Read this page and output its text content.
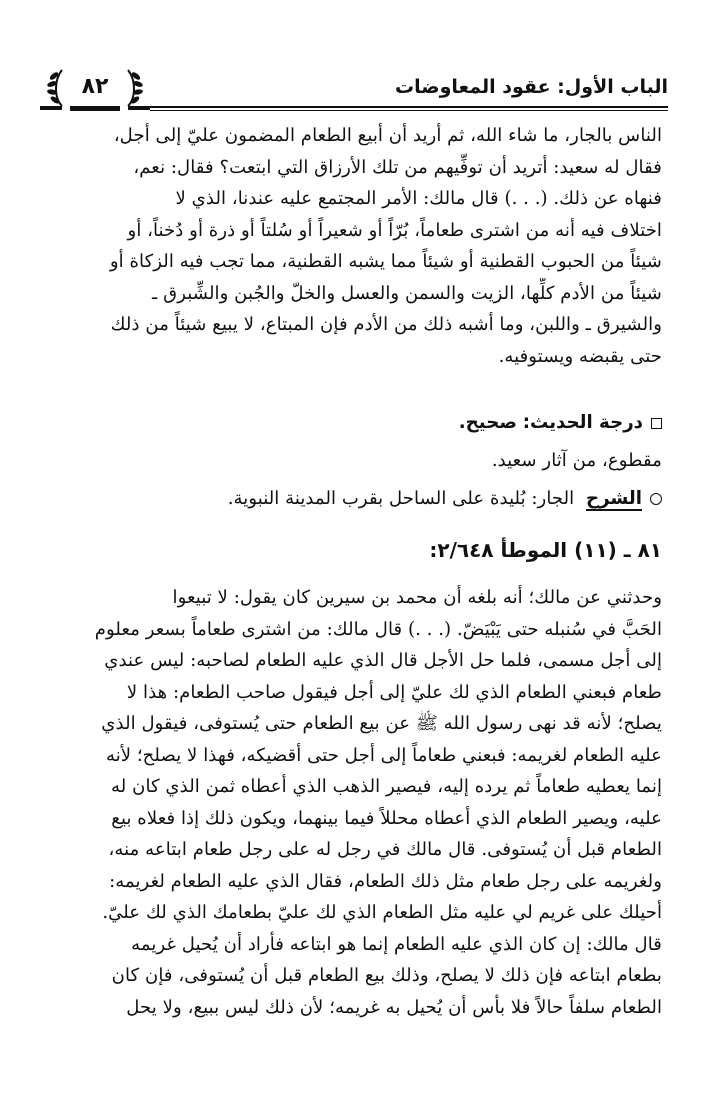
٨٢	الباب الأول: عقود المعاوضات
الناس بالجار، ما شاء الله، ثم أريد أن أبيع الطعام المضمون عليّ إلى أجل،
فقال له سعيد: أتريد أن توفِّيهم من تلك الأرزاق التي ابتعت؟ فقال: نعم،
فنهاه عن ذلك. (. . .) قال مالك: الأمر المجتمع عليه عندنا، الذي لا
اختلاف فيه أنه من اشترى طعاماً، بُرّاً أو شعيراً أو سُلتاً أو ذرة أو دُخناً، أو
شيئاً من الحبوب القطنية أو شيئاً مما يشبه القطنية، مما تجب فيه الزكاة أو
شيئاً من الأدم كلِّها، الزيت والسمن والعسل والخلّ والجُبن والشِّبرق ـ
والشيرق ـ واللبن، وما أشبه ذلك من الأدم فإن المبتاع، لا يبيع شيئاً من ذلك
حتى يقبضه ويستوفيه.
درجة الحديث: صحيح.
مقطوع، من آثار سعيد.
الشرح الجار: بُليدة على الساحل بقرب المدينة النبوية.
٨١ ـ (١١) الموطأ ٢/٦٤٨:
وحدثني عن مالك؛ أنه بلغه أن محمد بن سيرين كان يقول: لا تبيعوا
الحَبَّ في سُنبله حتى يَبْيَضّ. (. . .) قال مالك: من اشترى طعاماً بسعر معلوم
إلى أجل مسمى، فلما حل الأجل قال الذي عليه الطعام لصاحبه: ليس عندي
طعام فبعني الطعام الذي لك عليّ إلى أجل فيقول صاحب الطعام: هذا لا
يصلح؛ لأنه قد نهى رسول الله ﷺ عن بيع الطعام حتى يُستوفى، فيقول الذي
عليه الطعام لغريمه: فبعني طعاماً إلى أجل حتى أقضيكه، فهذا لا يصلح؛ لأنه
إنما يعطيه طعاماً ثم يرده إليه، فيصير الذهب الذي أعطاه ثمن الذي كان له
عليه، ويصير الطعام الذي أعطاه محللاً فيما بينهما، ويكون ذلك إذا فعلاه بيع
الطعام قبل أن يُستوفى. قال مالك في رجل له على رجل طعام ابتاعه منه،
ولغريمه على رجل طعام مثل ذلك الطعام، فقال الذي عليه الطعام لغريمه:
أحيلك على غريم لي عليه مثل الطعام الذي لك عليّ بطعامك الذي لك عليّ.
قال مالك: إن كان الذي عليه الطعام إنما هو ابتاعه فأراد أن يُحيل غريمه
بطعام ابتاعه فإن ذلك لا يصلح، وذلك بيع الطعام قبل أن يُستوفى، فإن كان
الطعام سلفاً حالاً فلا بأس أن يُحيل به غريمه؛ لأن ذلك ليس ببيع، ولا يحل
